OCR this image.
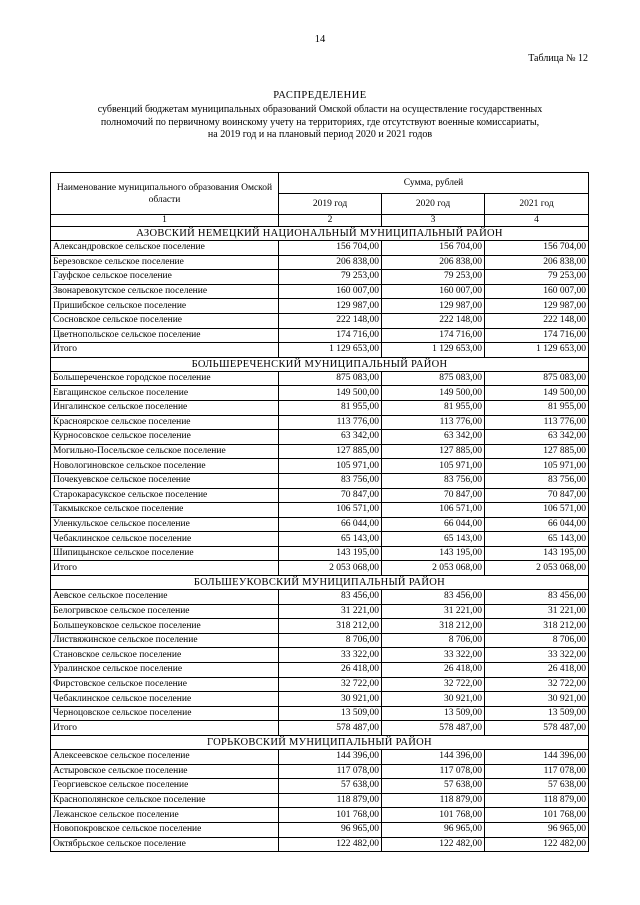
14
Таблица № 12
РАСПРЕДЕЛЕНИЕ
субвенций бюджетам муниципальных образований Омской области на осуществление государственных
полномочий по первичному воинскому учету на территориях, где отсутствуют военные комиссариаты,
на 2019 год и на плановый период 2020 и 2021 годов
Наименование муниципального образования Омской области	Сумма, рублей		
	2019 год	2020 год	2021 год
1	2	3	4
АЗОВСКИЙ НЕМЕЦКИЙ НАЦИОНАЛЬНЫЙ МУНИЦИПАЛЬНЫЙ РАЙОН			
Александровское сельское поселение	156 704,00	156 704,00	156 704,00
Березовское сельское поселение	206 838,00	206 838,00	206 838,00
Гауфское сельское поселение	79 253,00	79 253,00	79 253,00
Звонаревокутское сельское поселение	160 007,00	160 007,00	160 007,00
Пришибское сельское поселение	129 987,00	129 987,00	129 987,00
Сосновское сельское поселение	222 148,00	222 148,00	222 148,00
Цветнопольское сельское поселение	174 716,00	174 716,00	174 716,00
Итого	1 129 653,00	1 129 653,00	1 129 653,00
БОЛЬШЕРЕЧЕНСКИЙ МУНИЦИПАЛЬНЫЙ РАЙОН			
Большереченское городское поселение	875 083,00	875 083,00	875 083,00
Евгащинское сельское поселение	149 500,00	149 500,00	149 500,00
Ингалинское сельское поселение	81 955,00	81 955,00	81 955,00
Красноярское сельское поселение	113 776,00	113 776,00	113 776,00
Курносовское сельское поселение	63 342,00	63 342,00	63 342,00
Могильно-Посельское сельское поселение	127 885,00	127 885,00	127 885,00
Новологиновское сельское поселение	105 971,00	105 971,00	105 971,00
Почекуевское сельское поселение	83 756,00	83 756,00	83 756,00
Старокарасукское сельское поселение	70 847,00	70 847,00	70 847,00
Такмыкское сельское поселение	106 571,00	106 571,00	106 571,00
Уленкульское сельское поселение	66 044,00	66 044,00	66 044,00
Чебаклинское сельское поселение	65 143,00	65 143,00	65 143,00
Шипицынское сельское поселение	143 195,00	143 195,00	143 195,00
Итого	2 053 068,00	2 053 068,00	2 053 068,00
БОЛЬШЕУКОВСКИЙ МУНИЦИПАЛЬНЫЙ РАЙОН			
Аевское сельское поселение	83 456,00	83 456,00	83 456,00
Белогривское сельское поселение	31 221,00	31 221,00	31 221,00
Большеуковское сельское поселение	318 212,00	318 212,00	318 212,00
Листвяжинское сельское поселение	8 706,00	8 706,00	8 706,00
Становское сельское поселение	33 322,00	33 322,00	33 322,00
Уралинское сельское поселение	26 418,00	26 418,00	26 418,00
Фирстовское сельское поселение	32 722,00	32 722,00	32 722,00
Чебаклинское сельское поселение	30 921,00	30 921,00	30 921,00
Черноцовское сельское поселение	13 509,00	13 509,00	13 509,00
Итого	578 487,00	578 487,00	578 487,00
ГОРЬКОВСКИЙ МУНИЦИПАЛЬНЫЙ РАЙОН			
Алексеевское сельское поселение	144 396,00	144 396,00	144 396,00
Астыровское сельское поселение	117 078,00	117 078,00	117 078,00
Георгиевское сельское поселение	57 638,00	57 638,00	57 638,00
Краснополянское сельское поселение	118 879,00	118 879,00	118 879,00
Лежанское сельское поселение	101 768,00	101 768,00	101 768,00
Новопокровское сельское поселение	96 965,00	96 965,00	96 965,00
Октябрьское сельское поселение	122 482,00	122 482,00	122 482,00
